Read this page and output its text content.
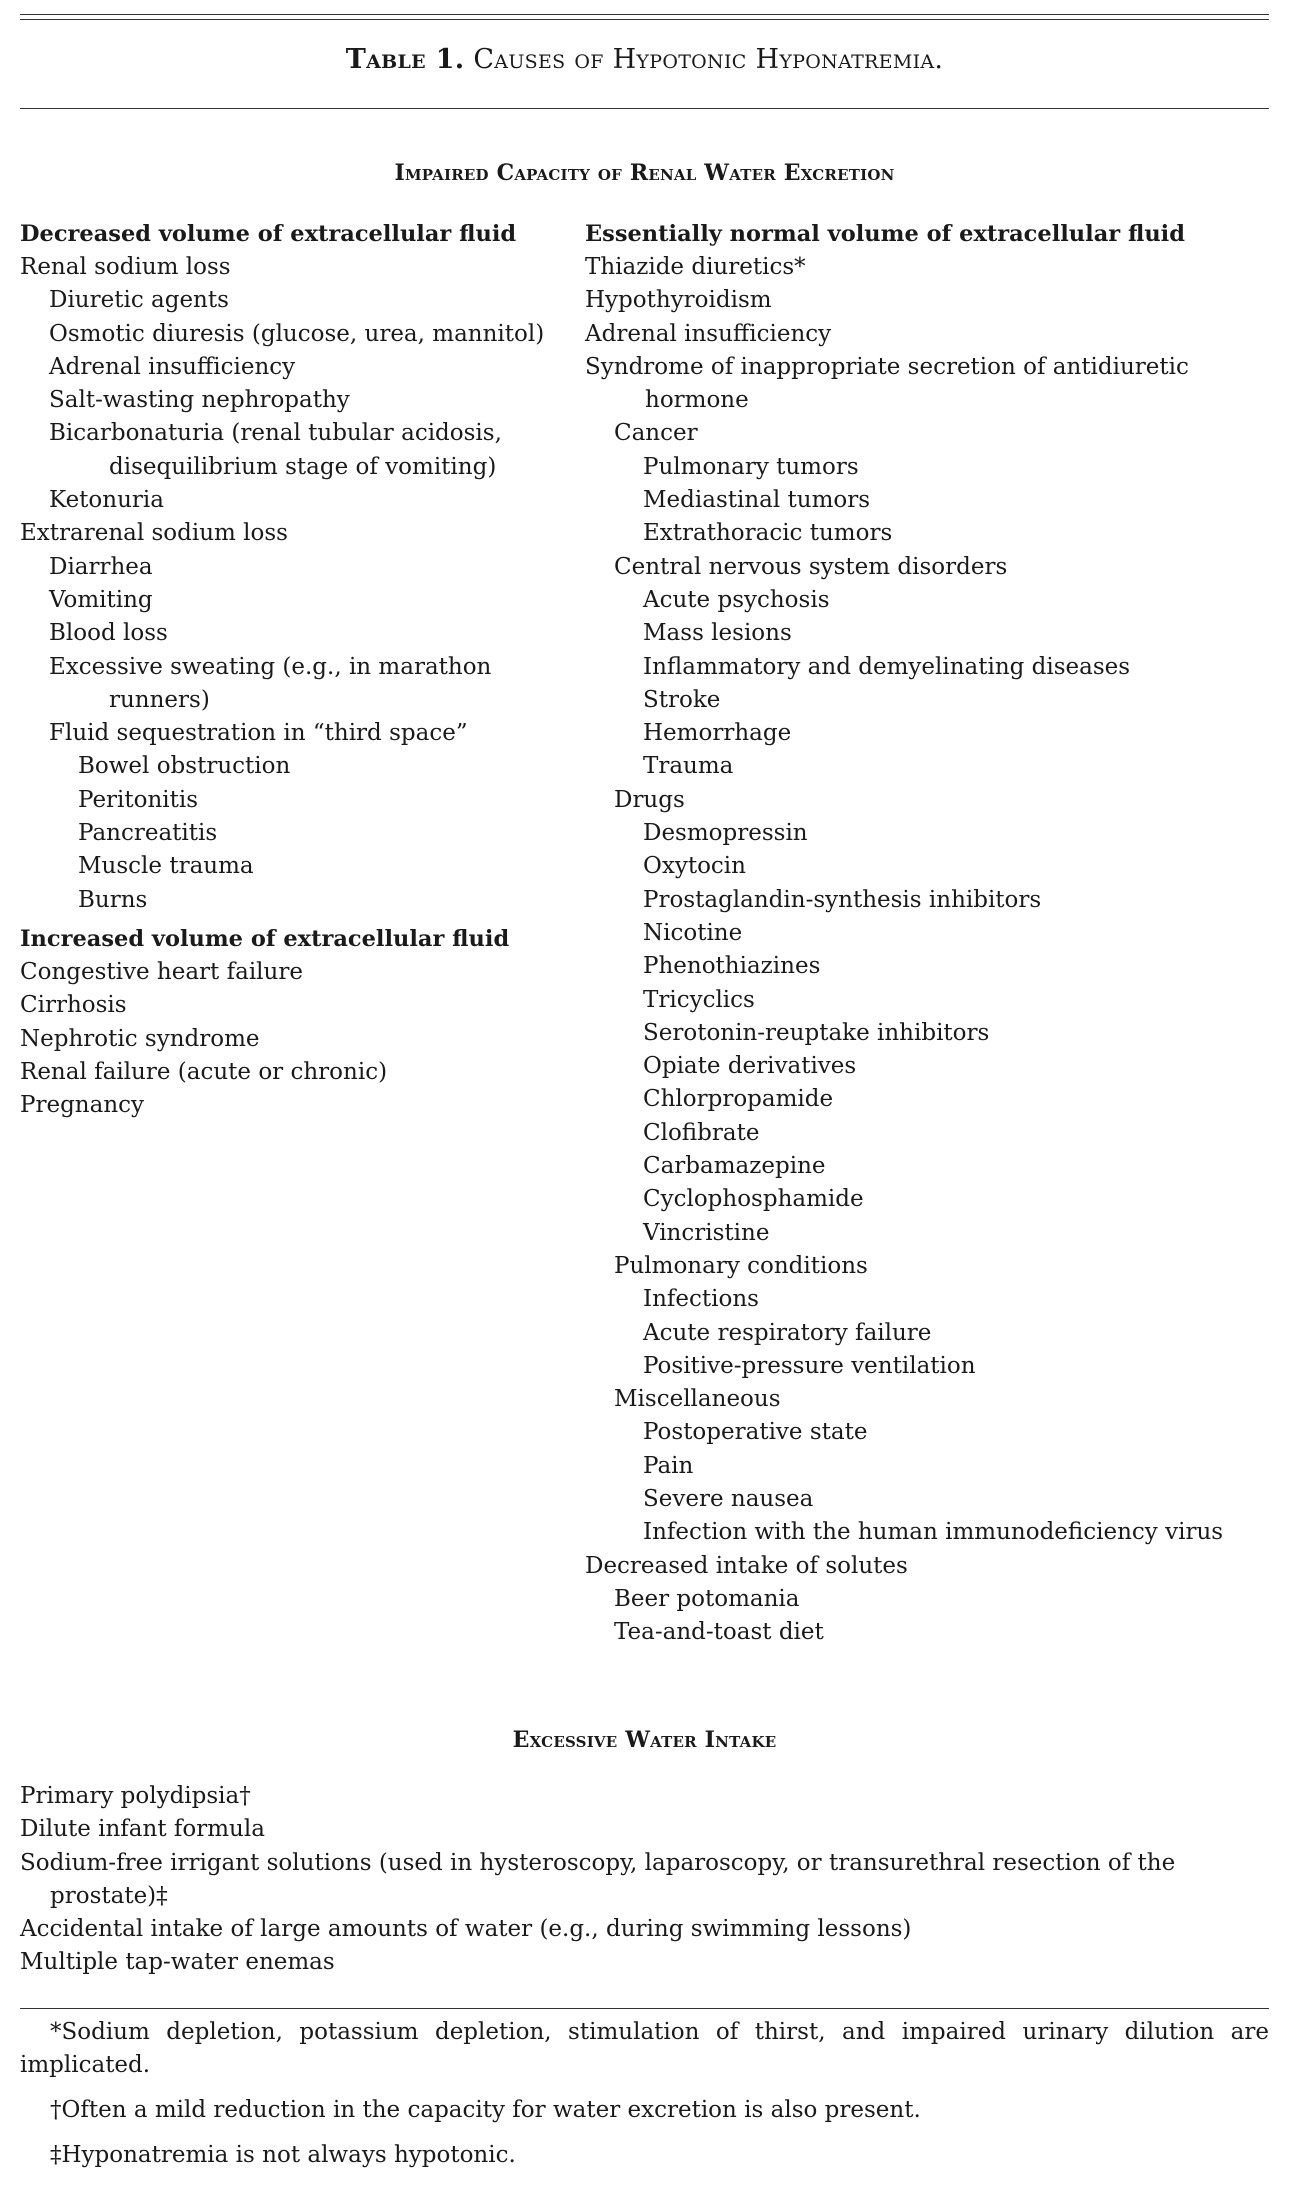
Table 1. Causes of Hypotonic Hyponatremia.
Impaired Capacity of Renal Water Excretion
Decreased volume of extracellular fluid
Renal sodium loss
Diuretic agents
Osmotic diuresis (glucose, urea, mannitol)
Adrenal insufficiency
Salt-wasting nephropathy
Bicarbonaturia (renal tubular acidosis, disequilibrium stage of vomiting)
Ketonuria
Extrarenal sodium loss
Diarrhea
Vomiting
Blood loss
Excessive sweating (e.g., in marathon runners)
Fluid sequestration in “third space”
Bowel obstruction
Peritonitis
Pancreatitis
Muscle trauma
Burns
Increased volume of extracellular fluid
Congestive heart failure
Cirrhosis
Nephrotic syndrome
Renal failure (acute or chronic)
Pregnancy
Essentially normal volume of extracellular fluid
Thiazide diuretics*
Hypothyroidism
Adrenal insufficiency
Syndrome of inappropriate secretion of antidiuretic hormone
Cancer
Pulmonary tumors
Mediastinal tumors
Extrathoracic tumors
Central nervous system disorders
Acute psychosis
Mass lesions
Inflammatory and demyelinating diseases
Stroke
Hemorrhage
Trauma
Drugs
Desmopressin
Oxytocin
Prostaglandin-synthesis inhibitors
Nicotine
Phenothiazines
Tricyclics
Serotonin-reuptake inhibitors
Opiate derivatives
Chlorpropamide
Clofibrate
Carbamazepine
Cyclophosphamide
Vincristine
Pulmonary conditions
Infections
Acute respiratory failure
Positive-pressure ventilation
Miscellaneous
Postoperative state
Pain
Severe nausea
Infection with the human immunodeficiency virus
Decreased intake of solutes
Beer potomania
Tea-and-toast diet
Excessive Water Intake
Primary polydipsia†
Dilute infant formula
Sodium-free irrigant solutions (used in hysteroscopy, laparoscopy, or transurethral resection of the prostate)‡
Accidental intake of large amounts of water (e.g., during swimming lessons)
Multiple tap-water enemas
*Sodium depletion, potassium depletion, stimulation of thirst, and impaired urinary dilution are implicated.
†Often a mild reduction in the capacity for water excretion is also present.
‡Hyponatremia is not always hypotonic.
